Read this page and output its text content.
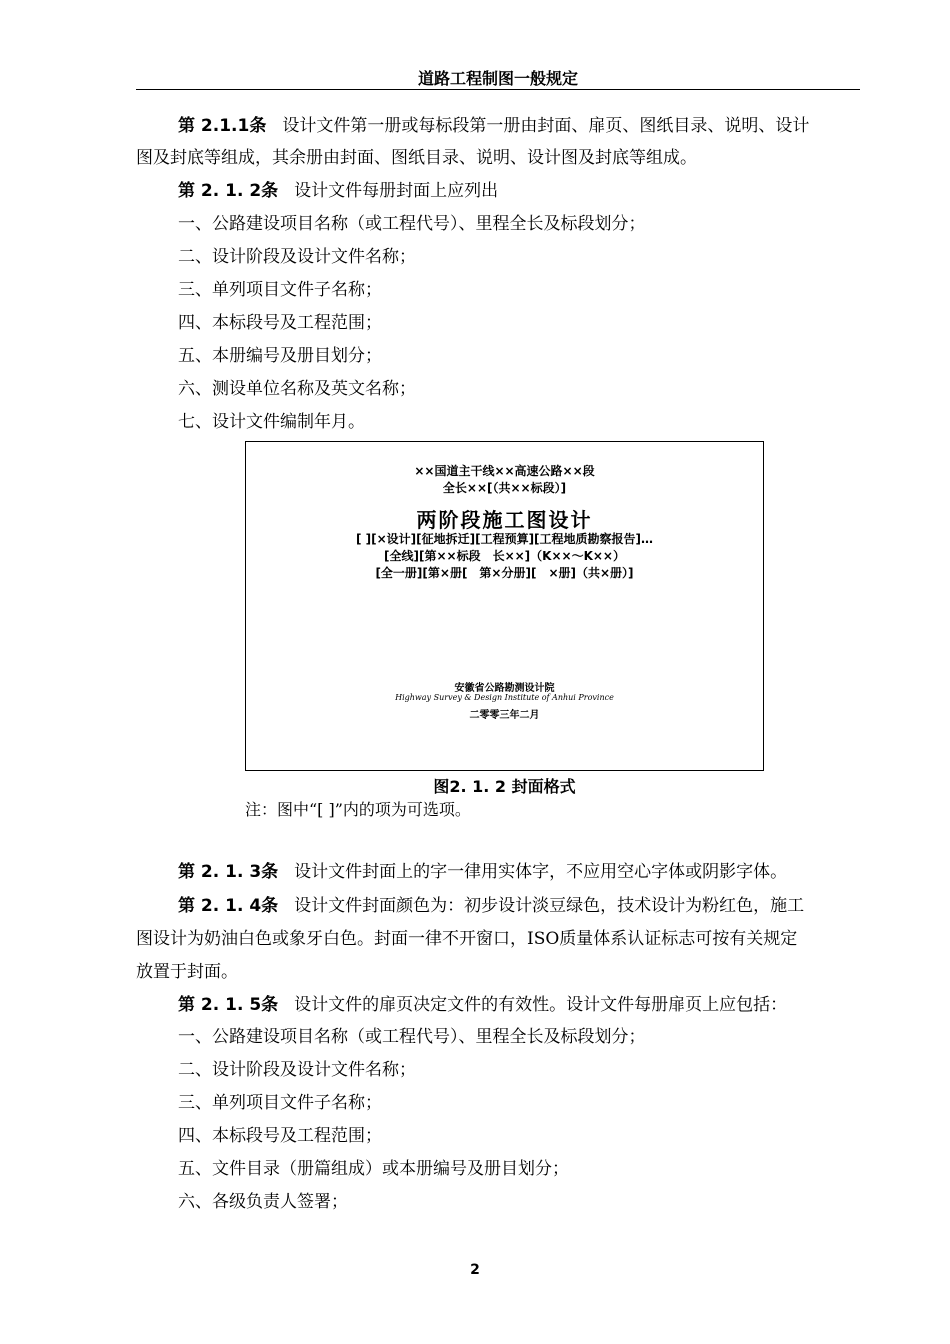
道路工程制图一般规定
第 2.1.1条 设计文件第一册或每标段第一册由封面、扉页、图纸目录、说明、设计
图及封底等组成，其余册由封面、图纸目录、说明、设计图及封底等组成。
第 2. 1. 2条 设计文件每册封面上应列出
一、公路建设项目名称（或工程代号）、里程全长及标段划分；
二、设计阶段及设计文件名称；
三、单列项目文件子名称；
四、本标段号及工程范围；
五、本册编号及册目划分；
六、测设单位名称及英文名称；
七、设计文件编制年月。
××国道主干线××高速公路××段
全长××[（共××标段）]
两阶段施工图设计
[ ][×设计][征地拆迁][工程预算][工程地质勘察报告]…
[全线][第××标段　长××]（K××～K××）
[全一册][第×册[　第×分册][　×册]（共×册）]
安徽省公路勘测设计院
Highway Survey & Design Institute of Anhui Province
二零零三年二月
图2. 1. 2 封面格式
注：图中“[ ]”内的项为可选项。
第 2. 1. 3条 设计文件封面上的字一律用实体字，不应用空心字体或阴影字体。
第 2. 1. 4条 设计文件封面颜色为：初步设计淡豆绿色，技术设计为粉红色，施工
图设计为奶油白色或象牙白色。封面一律不开窗口，ISO质量体系认证标志可按有关规定
放置于封面。
第 2. 1. 5条 设计文件的扉页决定文件的有效性。设计文件每册扉页上应包括：
一、公路建设项目名称（或工程代号）、里程全长及标段划分；
二、设计阶段及设计文件名称；
三、单列项目文件子名称；
四、本标段号及工程范围；
五、文件目录（册篇组成）或本册编号及册目划分；
六、各级负责人签署；
2
